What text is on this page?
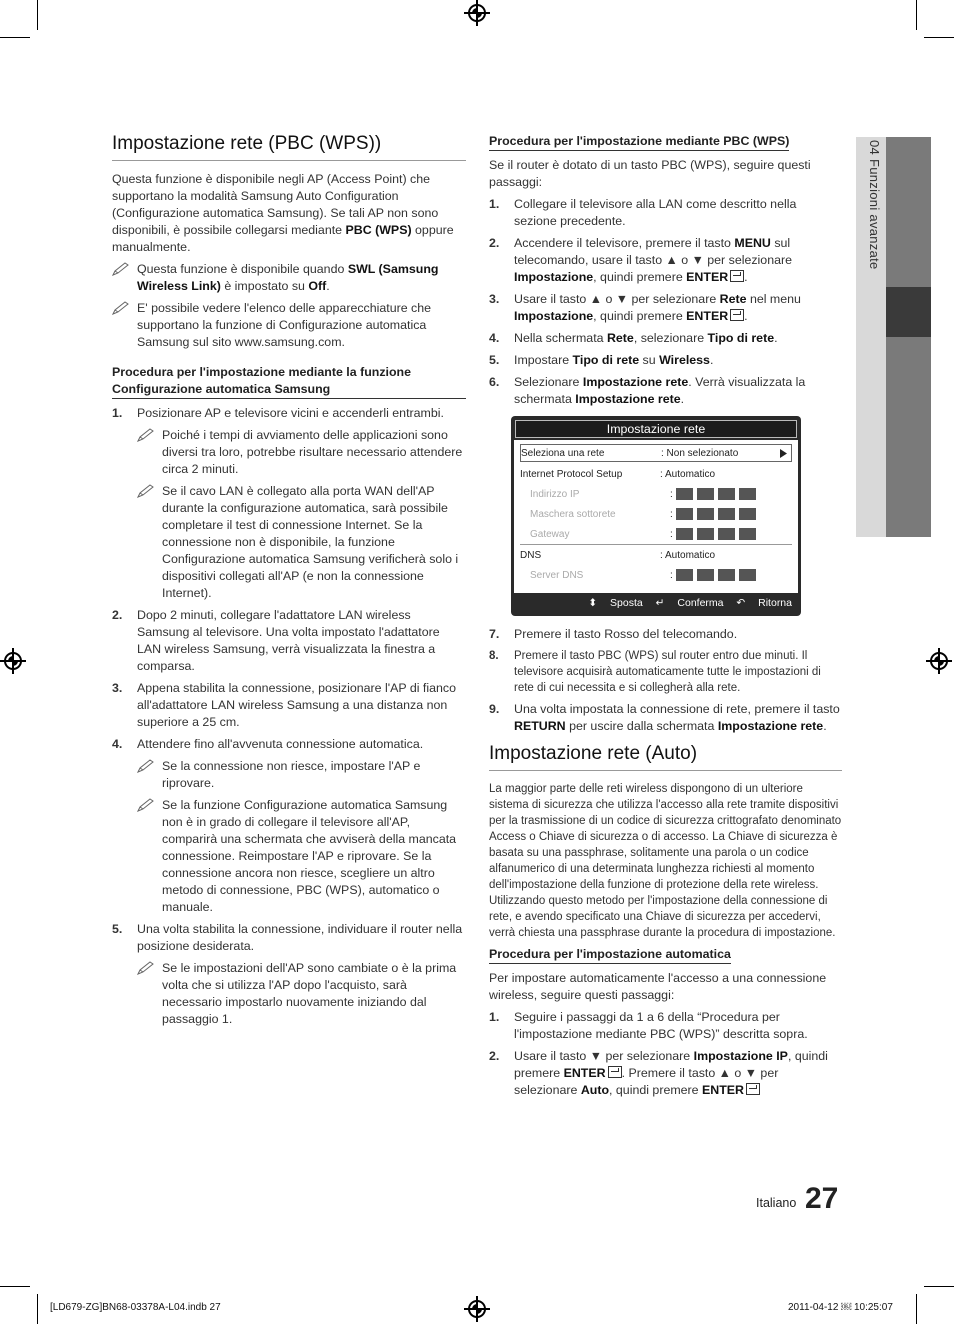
04 Funzioni avanzate
Impostazione rete (PBC (WPS))

Questa funzione è disponibile negli AP (Access Point) che supportano la modalità Samsung Auto Configuration (Configurazione automatica Samsung). Se tali AP non sono disponibili, è possibile collegarsi mediante PBC (WPS) oppure manualmente.

Questa funzione è disponibile quando SWL (Samsung Wireless Link) è impostato su Off.
E' possibile vedere l'elenco delle apparecchiature che supportano la funzione di Configurazione automatica Samsung sul sito www.samsung.com.
Procedura per l'impostazione mediante la funzione Configurazione automatica Samsung
1. Posizionare AP e televisore vicini e accenderli entrambi.
Poiché i tempi di avviamento delle applicazioni sono diversi tra loro, potrebbe risultare necessario attendere circa 2 minuti.
Se il cavo LAN è collegato alla porta WAN dell'AP durante la configurazione automatica, sarà possibile completare il test di connessione Internet. Se la connessione non è disponibile, la funzione Configurazione automatica Samsung verificherà solo i dispositivi collegati all'AP (e non la connessione Internet).
2. Dopo 2 minuti, collegare l'adattatore LAN wireless Samsung al televisore. Una volta impostato l'adattatore LAN wireless Samsung, verrà visualizzata la finestra a comparsa.
3. Appena stabilita la connessione, posizionare l'AP di fianco all'adattatore LAN wireless Samsung a una distanza non superiore a 25 cm.
4. Attendere fino all'avvenuta connessione automatica.
Se la connessione non riesce, impostare l'AP e riprovare.
Se la funzione Configurazione automatica Samsung non è in grado di collegare il televisore all'AP, comparirà una schermata che avviserà della mancata connessione. Reimpostare l'AP e riprovare. Se la connessione ancora non riesce, scegliere un altro metodo di connessione, PBC (WPS), automatico o manuale.
5. Una volta stabilita la connessione, individuare il router nella posizione desiderata.
Se le impostazioni dell'AP sono cambiate o è la prima volta che si utilizza l'AP dopo l'acquisto, sarà necessario impostarlo nuovamente iniziando dal passaggio 1.
Procedura per l'impostazione mediante PBC (WPS)

Se il router è dotato di un tasto PBC (WPS), seguire questi passaggi:

1. Collegare il televisore alla LAN come descritto nella sezione precedente.
2. Accendere il televisore, premere il tasto MENU sul telecomando, usare il tasto ▲ o ▼ per selezionare Impostazione, quindi premere ENTER .
3. Usare il tasto ▲ o ▼ per selezionare Rete nel menu Impostazione, quindi premere ENTER .
4. Nella schermata Rete, selezionare Tipo di rete.
5. Impostare Tipo di rete su Wireless.
6. Selezionare Impostazione rete. Verrà visualizzata la schermata Impostazione rete.
Impostazione rete
Seleziona una rete	: Non selezionato
Internet Protocol Setup	: Automatico
Indirizzo IP	:
Maschera sottorete	:
Gateway	:
DNS	: Automatico
Server DNS	:
⬍ Sposta ↵ Conferma ↶ Ritorna
7. Premere il tasto Rosso del telecomando.
8. Premere il tasto PBC (WPS) sul router entro due minuti. Il televisore acquisirà automaticamente tutte le impostazioni di rete di cui necessita e si collegherà alla rete.
9. Una volta impostata la connessione di rete, premere il tasto RETURN per uscire dalla schermata Impostazione rete.
Impostazione rete (Auto)

La maggior parte delle reti wireless dispongono di un ulteriore sistema di sicurezza che utilizza l'accesso alla rete tramite dispositivi per la trasmissione di un codice di sicurezza crittografato denominato Access o Chiave di sicurezza o di accesso. La Chiave di sicurezza è basata su una passphrase, solitamente una parola o un codice alfanumerico di una determinata lunghezza richiesti al momento dell'impostazione della funzione di protezione della rete wireless. Utilizzando questo metodo per l'impostazione della connessione di rete, e avendo specificato una Chiave di sicurezza per accedervi, verrà chiesta una passphrase durante la procedura di impostazione.

Procedura per l'impostazione automatica

Per impostare automaticamente l'accesso a una connessione wireless, seguire questi passaggi:

1. Seguire i passaggi da 1 a 6 della “Procedura per l'impostazione mediante PBC (WPS)” descritta sopra.
2. Usare il tasto ▼ per selezionare Impostazione IP, quindi premere ENTER . Premere il tasto ▲ o ▼ per selezionare Auto, quindi premere ENTER
Italiano 27
[LD679-ZG]BN68-03378A-L04.indb 27	2011-04-12 ￼ 10:25:07
